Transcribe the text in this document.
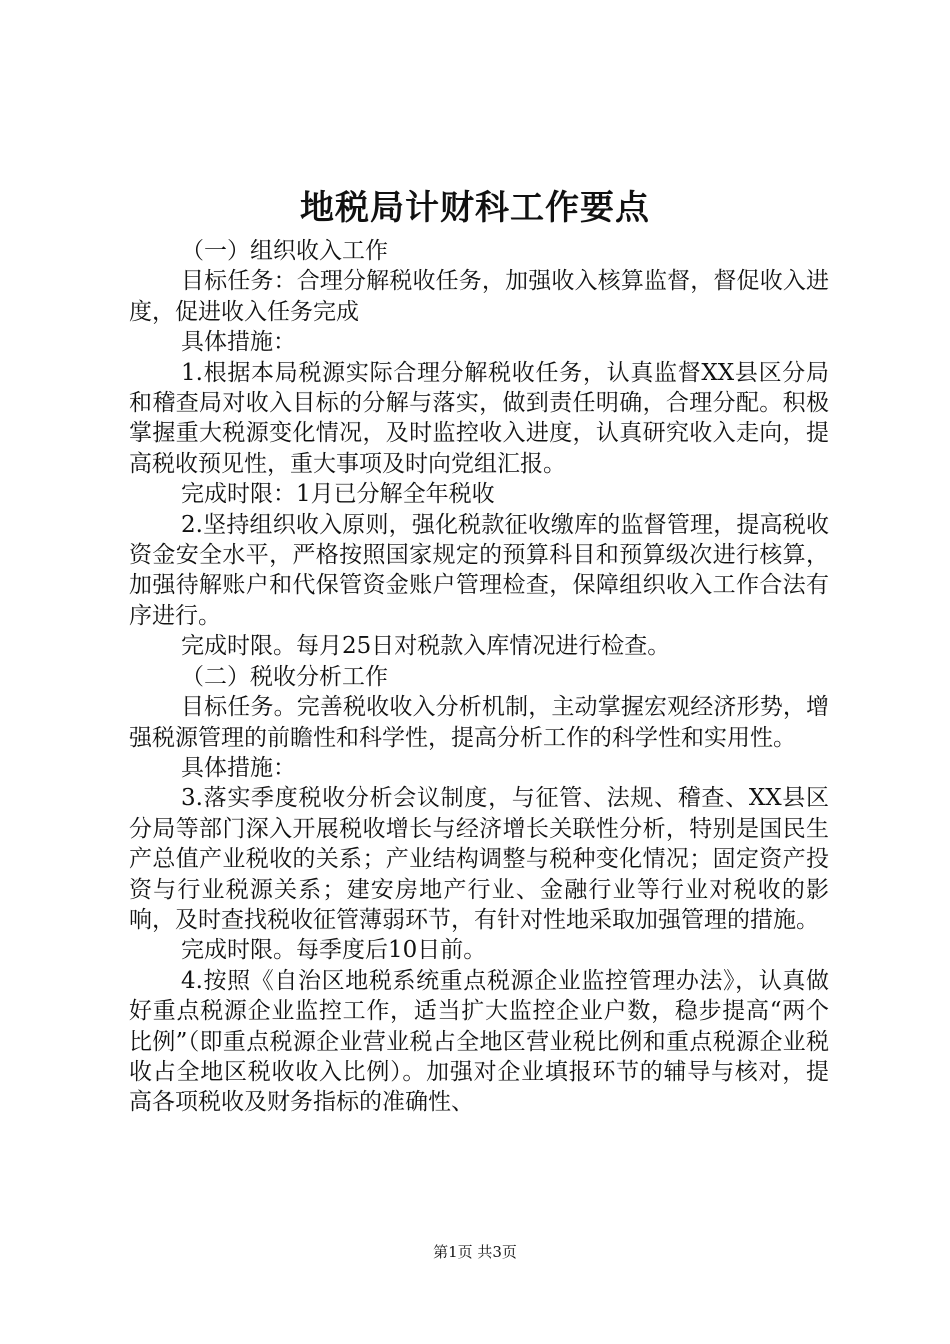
地税局计财科工作要点

（一）组织收入工作

目标任务：合理分解税收任务，加强收入核算监督，督促收入进度，促进收入任务完成

具体措施：

1.根据本局税源实际合理分解税收任务，认真监督XX县区分局和稽查局对收入目标的分解与落实，做到责任明确，合理分配。积极掌握重大税源变化情况，及时监控收入进度，认真研究收入走向，提高税收预见性，重大事项及时向党组汇报。

完成时限：1月已分解全年税收

2.坚持组织收入原则，强化税款征收缴库的监督管理，提高税收资金安全水平，严格按照国家规定的预算科目和预算级次进行核算，加强待解账户和代保管资金账户管理检查，保障组织收入工作合法有序进行。

完成时限。每月25日对税款入库情况进行检查。

（二）税收分析工作

目标任务。完善税收收入分析机制，主动掌握宏观经济形势，增强税源管理的前瞻性和科学性，提高分析工作的科学性和实用性。

具体措施：

3.落实季度税收分析会议制度，与征管、法规、稽查、XX县区分局等部门深入开展税收增长与经济增长关联性分析，特别是国民生产总值产业税收的关系；产业结构调整与税种变化情况；固定资产投资与行业税源关系；建安房地产行业、金融行业等行业对税收的影响，及时查找税收征管薄弱环节，有针对性地采取加强管理的措施。

完成时限。每季度后10日前。

4.按照《自治区地税系统重点税源企业监控管理办法》，认真做好重点税源企业监控工作，适当扩大监控企业户数，稳步提高“两个比例”（即重点税源企业营业税占全地区营业税比例和重点税源企业税收占全地区税收收入比例）。加强对企业填报环节的辅导与核对，提高各项税收及财务指标的准确性、

第1页 共3页
